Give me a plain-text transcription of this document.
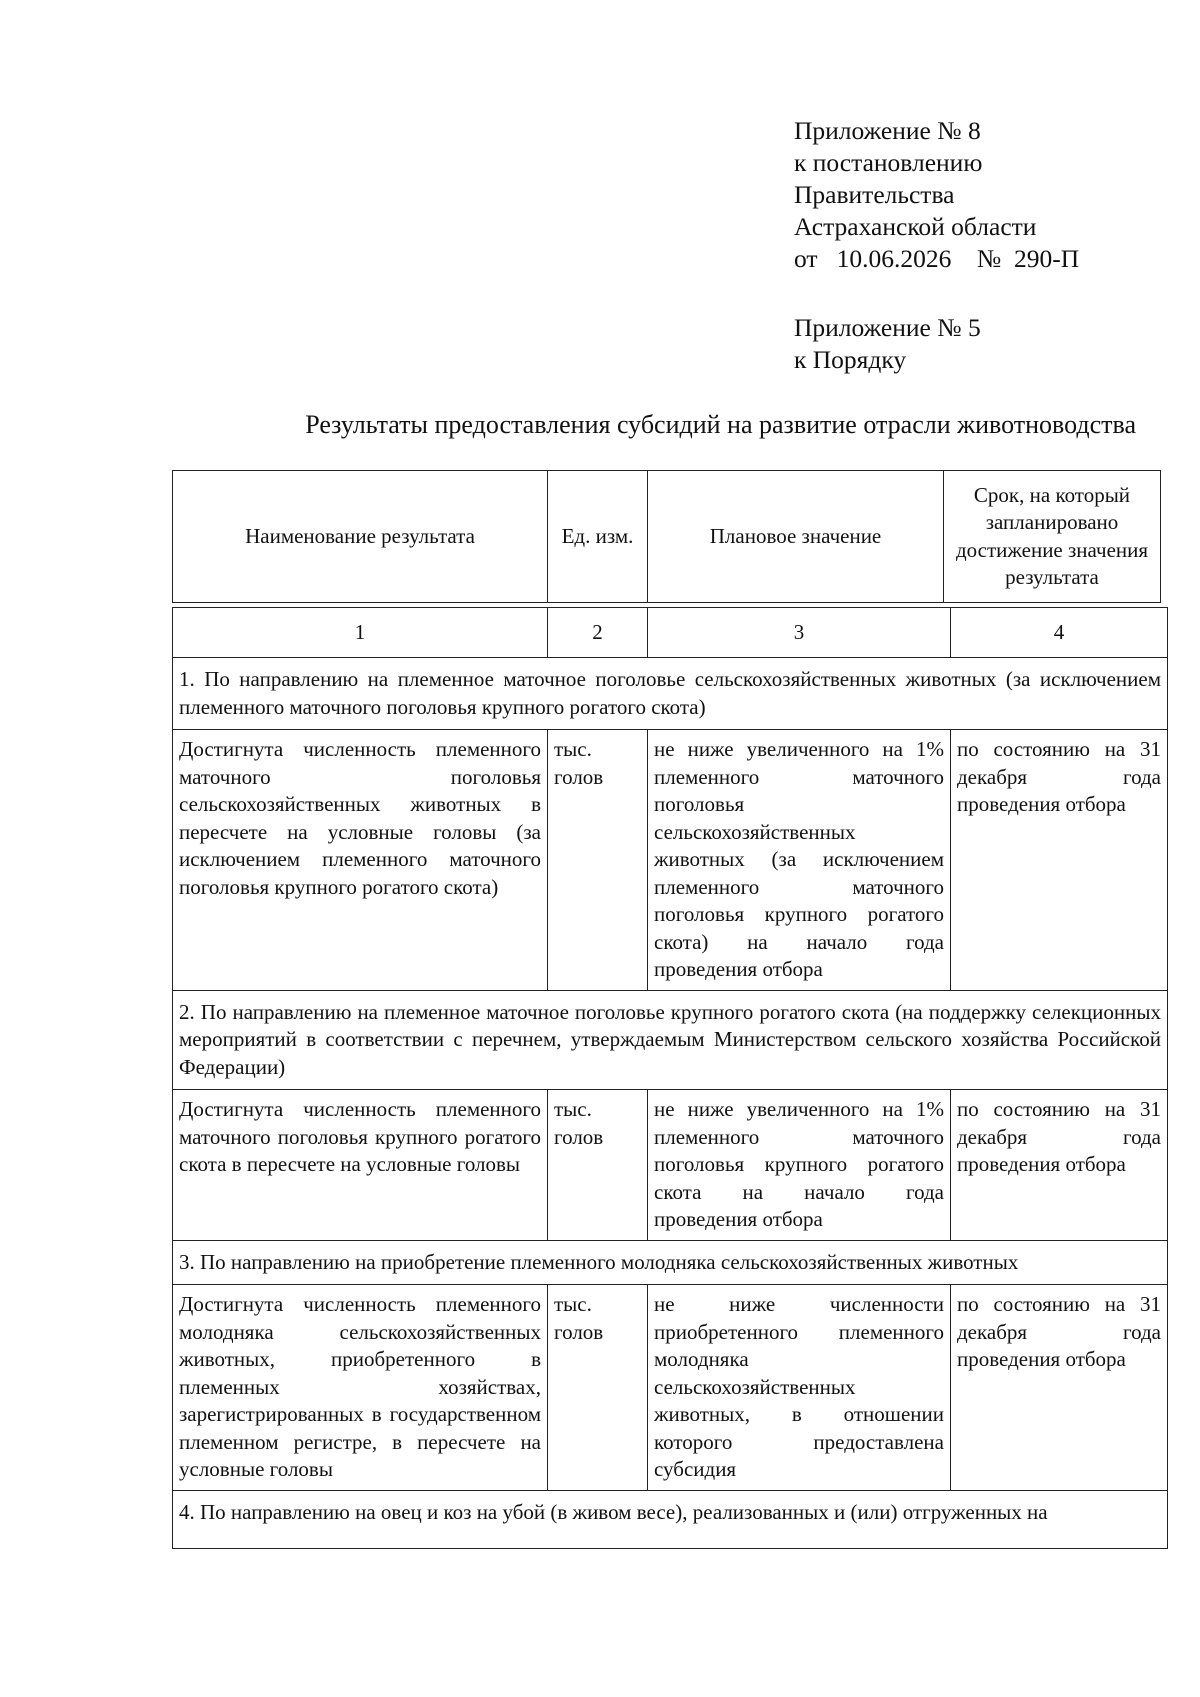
Приложение № 8
к постановлению
Правительства
Астраханской области
от   10.06.2026    №  290-П
Приложение № 5
к Порядку
Результаты предоставления субсидий на развитие отрасли животноводства
Наименование результата	Ед. изм.	Плановое значение	Срок, на который запланировано достижение значения результата
1	2	3	4
1. По направлению на племенное маточное поголовье сельскохозяйственных животных (за исключением племенного маточного поголовья крупного рогатого скота)			
Достигнута численность племенного маточного поголовья сельскохозяйственных животных в пересчете на условные головы (за исключением племенного маточного поголовья крупного рогатого скота)	тыс. голов	не ниже увеличенного на 1% племенного маточного поголовья сельскохозяйственных животных (за исключением племенного маточного поголовья крупного рогатого скота) на начало года проведения отбора	по состоянию на 31 декабря года проведения отбора
2. По направлению на племенное маточное поголовье крупного рогатого скота (на поддержку селекционных мероприятий в соответствии с перечнем, утверждаемым Министерством сельского хозяйства Российской Федерации)			
Достигнута численность племенного маточного поголовья крупного рогатого скота в пересчете на условные головы	тыс. голов	не ниже увеличенного на 1% племенного маточного поголовья крупного рогатого скота на начало года проведения отбора	по состоянию на 31 декабря года проведения отбора
3. По направлению на приобретение племенного молодняка сельскохозяйственных животных			
Достигнута численность племенного молодняка сельскохозяйственных животных, приобретенного в племенных хозяйствах, зарегистрированных в государственном племенном регистре, в пересчете на условные головы	тыс. голов	не ниже численности приобретенного племенного молодняка сельскохозяйственных животных, в отношении которого предоставлена субсидия	по состоянию на 31 декабря года проведения отбора
4. По направлению на овец и коз на убой (в живом весе), реализованных и (или) отгруженных на			
